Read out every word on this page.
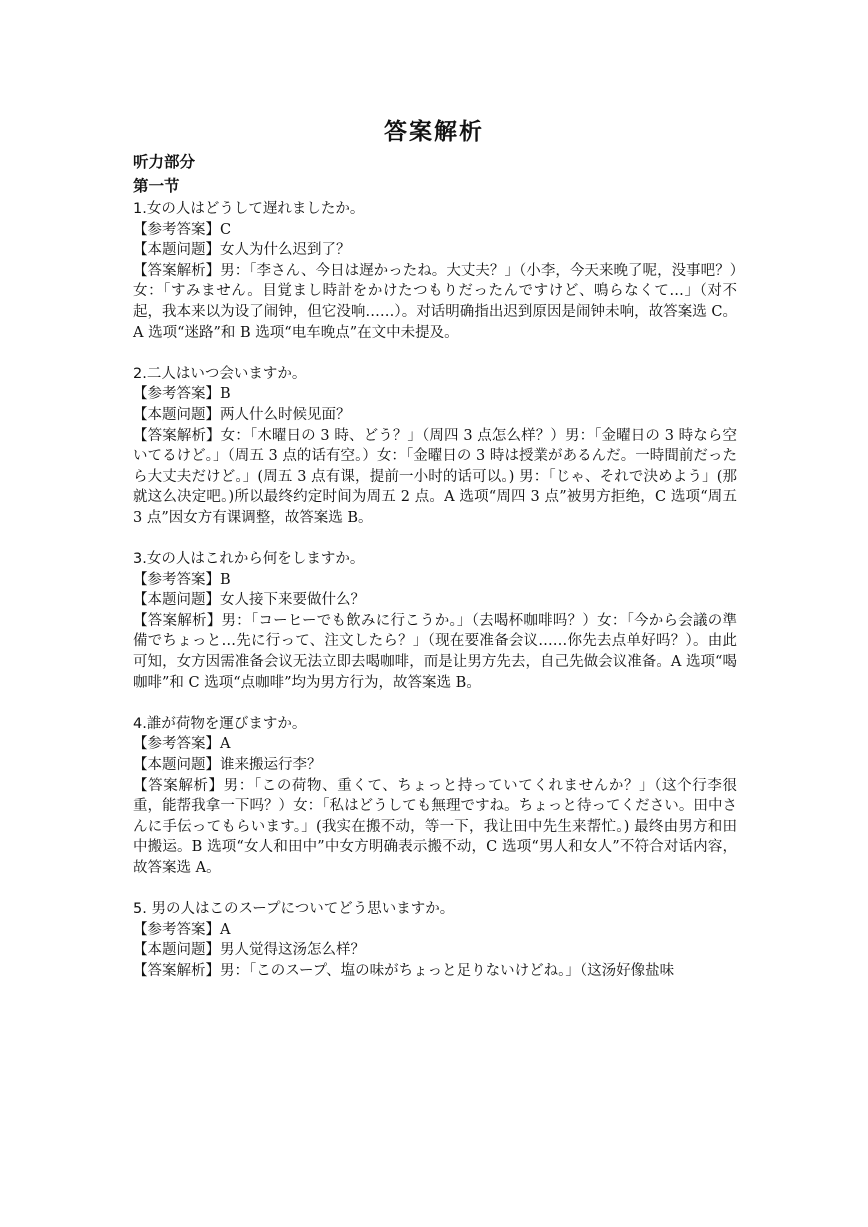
答案解析

听力部分

第一节

1.女の人はどうして遅れましたか。

【参考答案】C

【本题问题】女人为什么迟到了？

【答案解析】男：「李さん、今日は遅かったね。大丈夫？」（小李，今天来晚了呢，没事吧？）女：「すみません。目覚まし時計をかけたつもりだったんですけど、鳴らなくて…」（对不起，我本来以为设了闹钟，但它没响……）。对话明确指出迟到原因是闹钟未响，故答案选 C。A 选项“迷路”和 B 选项“电车晚点”在文中未提及。

2.二人はいつ会いますか。

【参考答案】B

【本题问题】两人什么时候见面？

【答案解析】女：「木曜日の 3 時、どう？」（周四 3 点怎么样？）男：「金曜日の 3 時なら空いてるけど。」（周五 3 点的话有空。）女：「金曜日の 3 時は授業があるんだ。一時間前だったら大丈夫だけど。」(周五 3 点有课，提前一小时的话可以。) 男：「じゃ、それで決めよう」(那就这么决定吧。)所以最终约定时间为周五 2 点。A 选项“周四 3 点”被男方拒绝，C 选项“周五 3 点”因女方有课调整，故答案选 B。

3.女の人はこれから何をしますか。

【参考答案】B

【本题问题】女人接下来要做什么？

【答案解析】男：「コーヒーでも飲みに行こうか。」（去喝杯咖啡吗？）女：「今から会議の準備でちょっと…先に行って、注文したら？」（现在要准备会议……你先去点单好吗？）。由此可知，女方因需准备会议无法立即去喝咖啡，而是让男方先去，自己先做会议准备。A 选项“喝咖啡”和 C 选项“点咖啡”均为男方行为，故答案选 B。

4.誰が荷物を運びますか。

【参考答案】A

【本题问题】谁来搬运行李？

【答案解析】男：「この荷物、重くて、ちょっと持っていてくれませんか？」（这个行李很重，能帮我拿一下吗？）女：「私はどうしても無理ですね。ちょっと待ってください。田中さんに手伝ってもらいます。」(我实在搬不动，等一下，我让田中先生来帮忙。) 最终由男方和田中搬运。B 选项“女人和田中”中女方明确表示搬不动，C 选项“男人和女人”不符合对话内容，故答案选 A。

5. 男の人はこのスープについてどう思いますか。

【参考答案】A

【本题问题】男人觉得这汤怎么样？

【答案解析】男：「このスープ、塩の味がちょっと足りないけどね。」（这汤好像盐味
